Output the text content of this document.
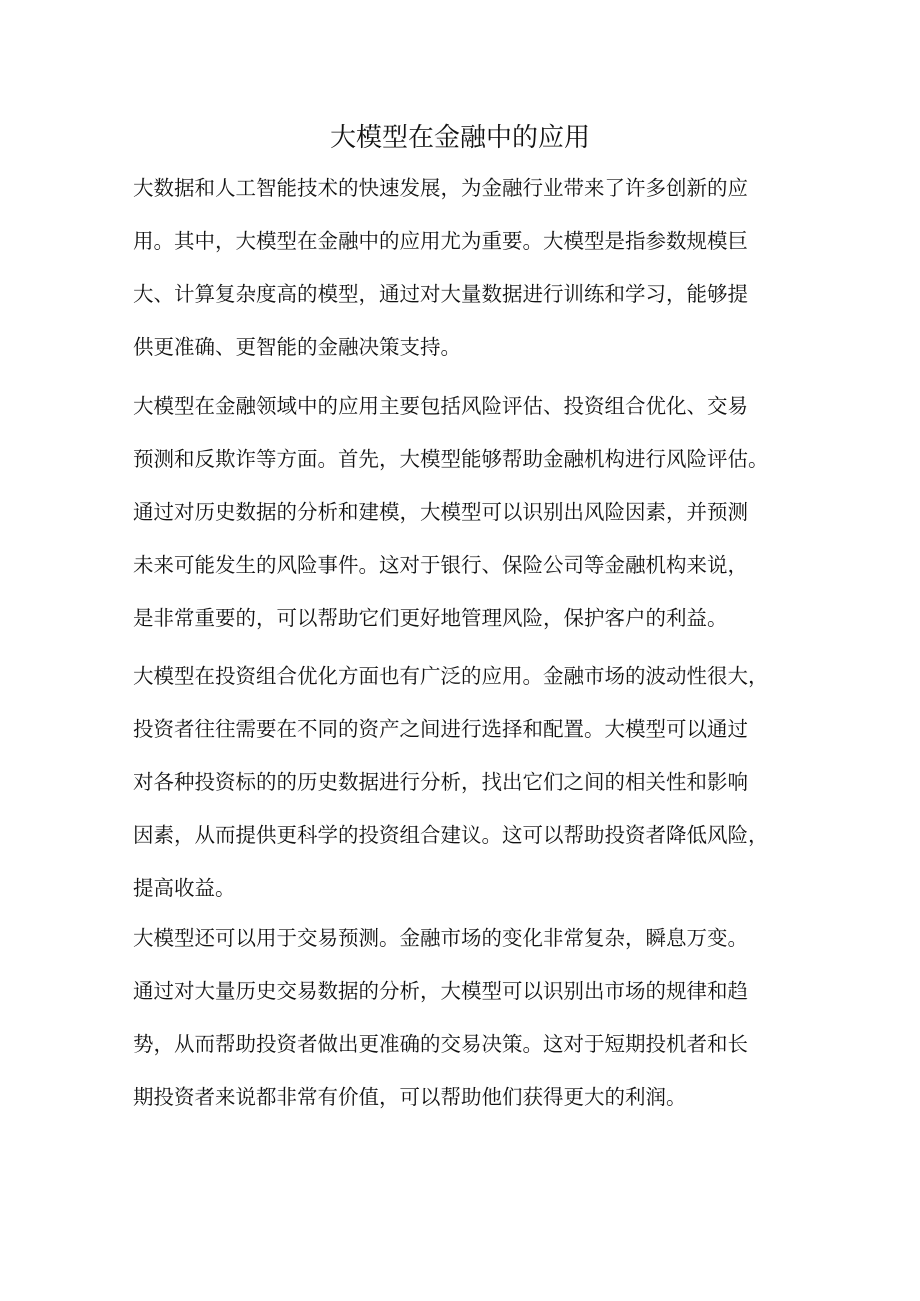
大模型在金融中的应用

大数据和人工智能技术的快速发展，为金融行业带来了许多创新的应
用。其中，大模型在金融中的应用尤为重要。大模型是指参数规模巨
大、计算复杂度高的模型，通过对大量数据进行训练和学习，能够提
供更准确、更智能的金融决策支持。

大模型在金融领域中的应用主要包括风险评估、投资组合优化、交易
预测和反欺诈等方面。首先，大模型能够帮助金融机构进行风险评估。
通过对历史数据的分析和建模，大模型可以识别出风险因素，并预测
未来可能发生的风险事件。这对于银行、保险公司等金融机构来说，
是非常重要的，可以帮助它们更好地管理风险，保护客户的利益。

大模型在投资组合优化方面也有广泛的应用。金融市场的波动性很大，
投资者往往需要在不同的资产之间进行选择和配置。大模型可以通过
对各种投资标的的历史数据进行分析，找出它们之间的相关性和影响
因素，从而提供更科学的投资组合建议。这可以帮助投资者降低风险，
提高收益。

大模型还可以用于交易预测。金融市场的变化非常复杂，瞬息万变。
通过对大量历史交易数据的分析，大模型可以识别出市场的规律和趋
势，从而帮助投资者做出更准确的交易决策。这对于短期投机者和长
期投资者来说都非常有价值，可以帮助他们获得更大的利润。
